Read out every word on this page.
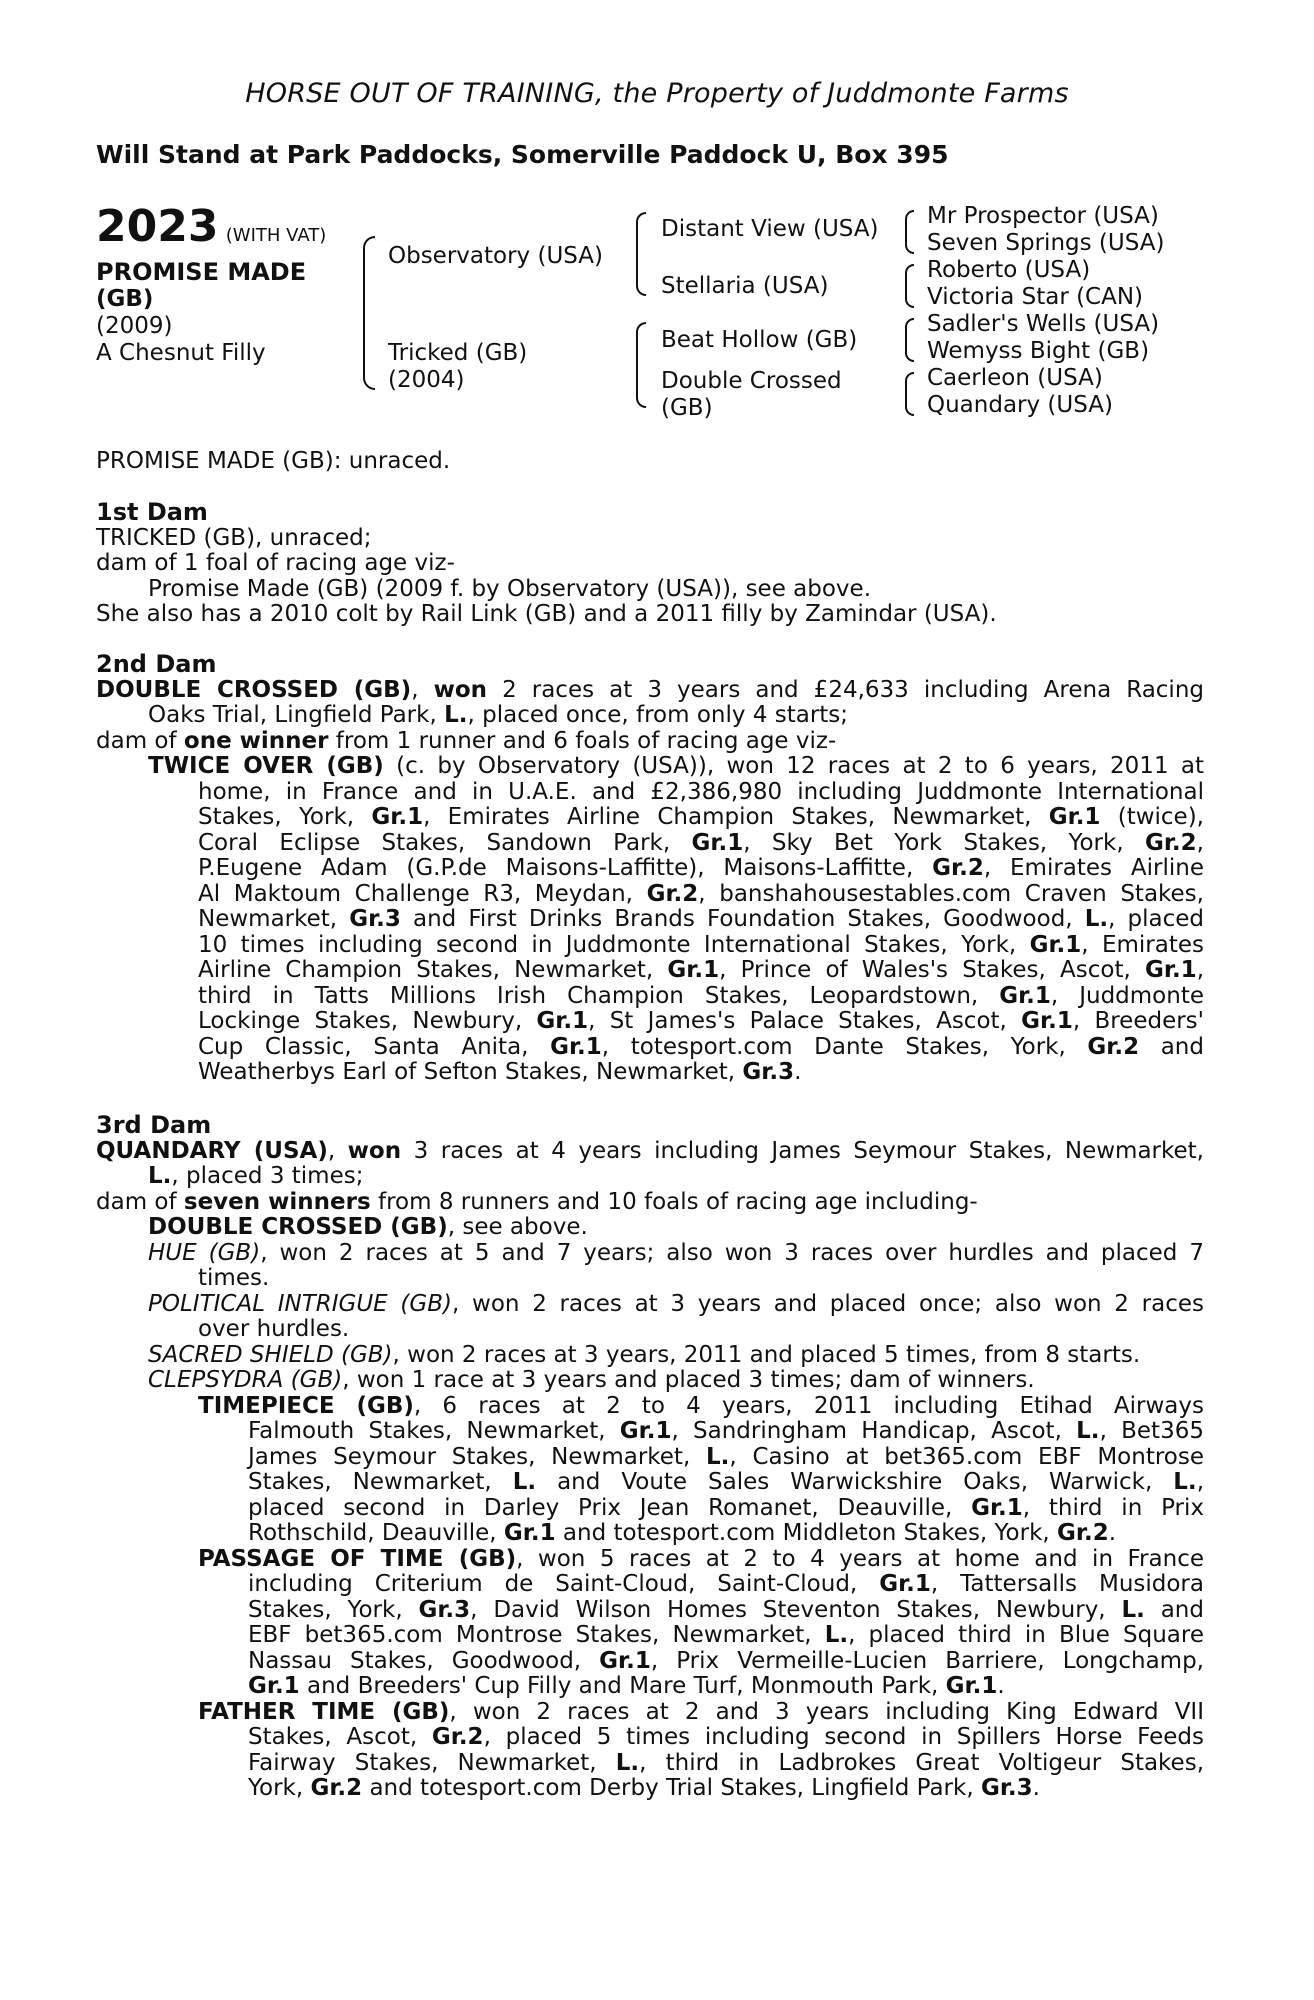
HORSE OUT OF TRAINING, the Property of Juddmonte Farms
Will Stand at Park Paddocks, Somerville Paddock U, Box 395
2023 (WITH VAT)
PROMISE MADE
(GB)
(2009)
A Chesnut Filly
Observatory (USA)
Tricked (GB)
(2004)
Distant View (USA)
Stellaria (USA)
Beat Hollow (GB)
Double Crossed
(GB)
Mr Prospector (USA)
Seven Springs (USA)
Roberto (USA)
Victoria Star (CAN)
Sadler's Wells (USA)
Wemyss Bight (GB)
Caerleon (USA)
Quandary (USA)
PROMISE MADE (GB): unraced.
1st Dam
TRICKED (GB), unraced;
dam of 1 foal of racing age viz-
Promise Made (GB) (2009 f. by Observatory (USA)), see above.
She also has a 2010 colt by Rail Link (GB) and a 2011 filly by Zamindar (USA).
2nd Dam
DOUBLE CROSSED (GB), won 2 races at 3 years and £24,633 including Arena Racing
Oaks Trial, Lingfield Park, L., placed once, from only 4 starts;
dam of one winner from 1 runner and 6 foals of racing age viz-
TWICE OVER (GB) (c. by Observatory (USA)), won 12 races at 2 to 6 years, 2011 at
home, in France and in U.A.E. and £2,386,980 including Juddmonte International
Stakes, York, Gr.1, Emirates Airline Champion Stakes, Newmarket, Gr.1 (twice),
Coral Eclipse Stakes, Sandown Park, Gr.1, Sky Bet York Stakes, York, Gr.2,
P.Eugene Adam (G.P.de Maisons-Laffitte), Maisons-Laffitte, Gr.2, Emirates Airline
Al Maktoum Challenge R3, Meydan, Gr.2, banshahousestables.com Craven Stakes,
Newmarket, Gr.3 and First Drinks Brands Foundation Stakes, Goodwood, L., placed
10 times including second in Juddmonte International Stakes, York, Gr.1, Emirates
Airline Champion Stakes, Newmarket, Gr.1, Prince of Wales's Stakes, Ascot, Gr.1,
third in Tatts Millions Irish Champion Stakes, Leopardstown, Gr.1, Juddmonte
Lockinge Stakes, Newbury, Gr.1, St James's Palace Stakes, Ascot, Gr.1, Breeders'
Cup Classic, Santa Anita, Gr.1, totesport.com Dante Stakes, York, Gr.2 and
Weatherbys Earl of Sefton Stakes, Newmarket, Gr.3.
3rd Dam
QUANDARY (USA), won 3 races at 4 years including James Seymour Stakes, Newmarket,
L., placed 3 times;
dam of seven winners from 8 runners and 10 foals of racing age including-
DOUBLE CROSSED (GB), see above.
HUE (GB), won 2 races at 5 and 7 years; also won 3 races over hurdles and placed 7
times.
POLITICAL INTRIGUE (GB), won 2 races at 3 years and placed once; also won 2 races
over hurdles.
SACRED SHIELD (GB), won 2 races at 3 years, 2011 and placed 5 times, from 8 starts.
CLEPSYDRA (GB), won 1 race at 3 years and placed 3 times; dam of winners.
TIMEPIECE (GB), 6 races at 2 to 4 years, 2011 including Etihad Airways
Falmouth Stakes, Newmarket, Gr.1, Sandringham Handicap, Ascot, L., Bet365
James Seymour Stakes, Newmarket, L., Casino at bet365.com EBF Montrose
Stakes, Newmarket, L. and Voute Sales Warwickshire Oaks, Warwick, L.,
placed second in Darley Prix Jean Romanet, Deauville, Gr.1, third in Prix
Rothschild, Deauville, Gr.1 and totesport.com Middleton Stakes, York, Gr.2.
PASSAGE OF TIME (GB), won 5 races at 2 to 4 years at home and in France
including Criterium de Saint-Cloud, Saint-Cloud, Gr.1, Tattersalls Musidora
Stakes, York, Gr.3, David Wilson Homes Steventon Stakes, Newbury, L. and
EBF bet365.com Montrose Stakes, Newmarket, L., placed third in Blue Square
Nassau Stakes, Goodwood, Gr.1, Prix Vermeille-Lucien Barriere, Longchamp,
Gr.1 and Breeders' Cup Filly and Mare Turf, Monmouth Park, Gr.1.
FATHER TIME (GB), won 2 races at 2 and 3 years including King Edward VII
Stakes, Ascot, Gr.2, placed 5 times including second in Spillers Horse Feeds
Fairway Stakes, Newmarket, L., third in Ladbrokes Great Voltigeur Stakes,
York, Gr.2 and totesport.com Derby Trial Stakes, Lingfield Park, Gr.3.
